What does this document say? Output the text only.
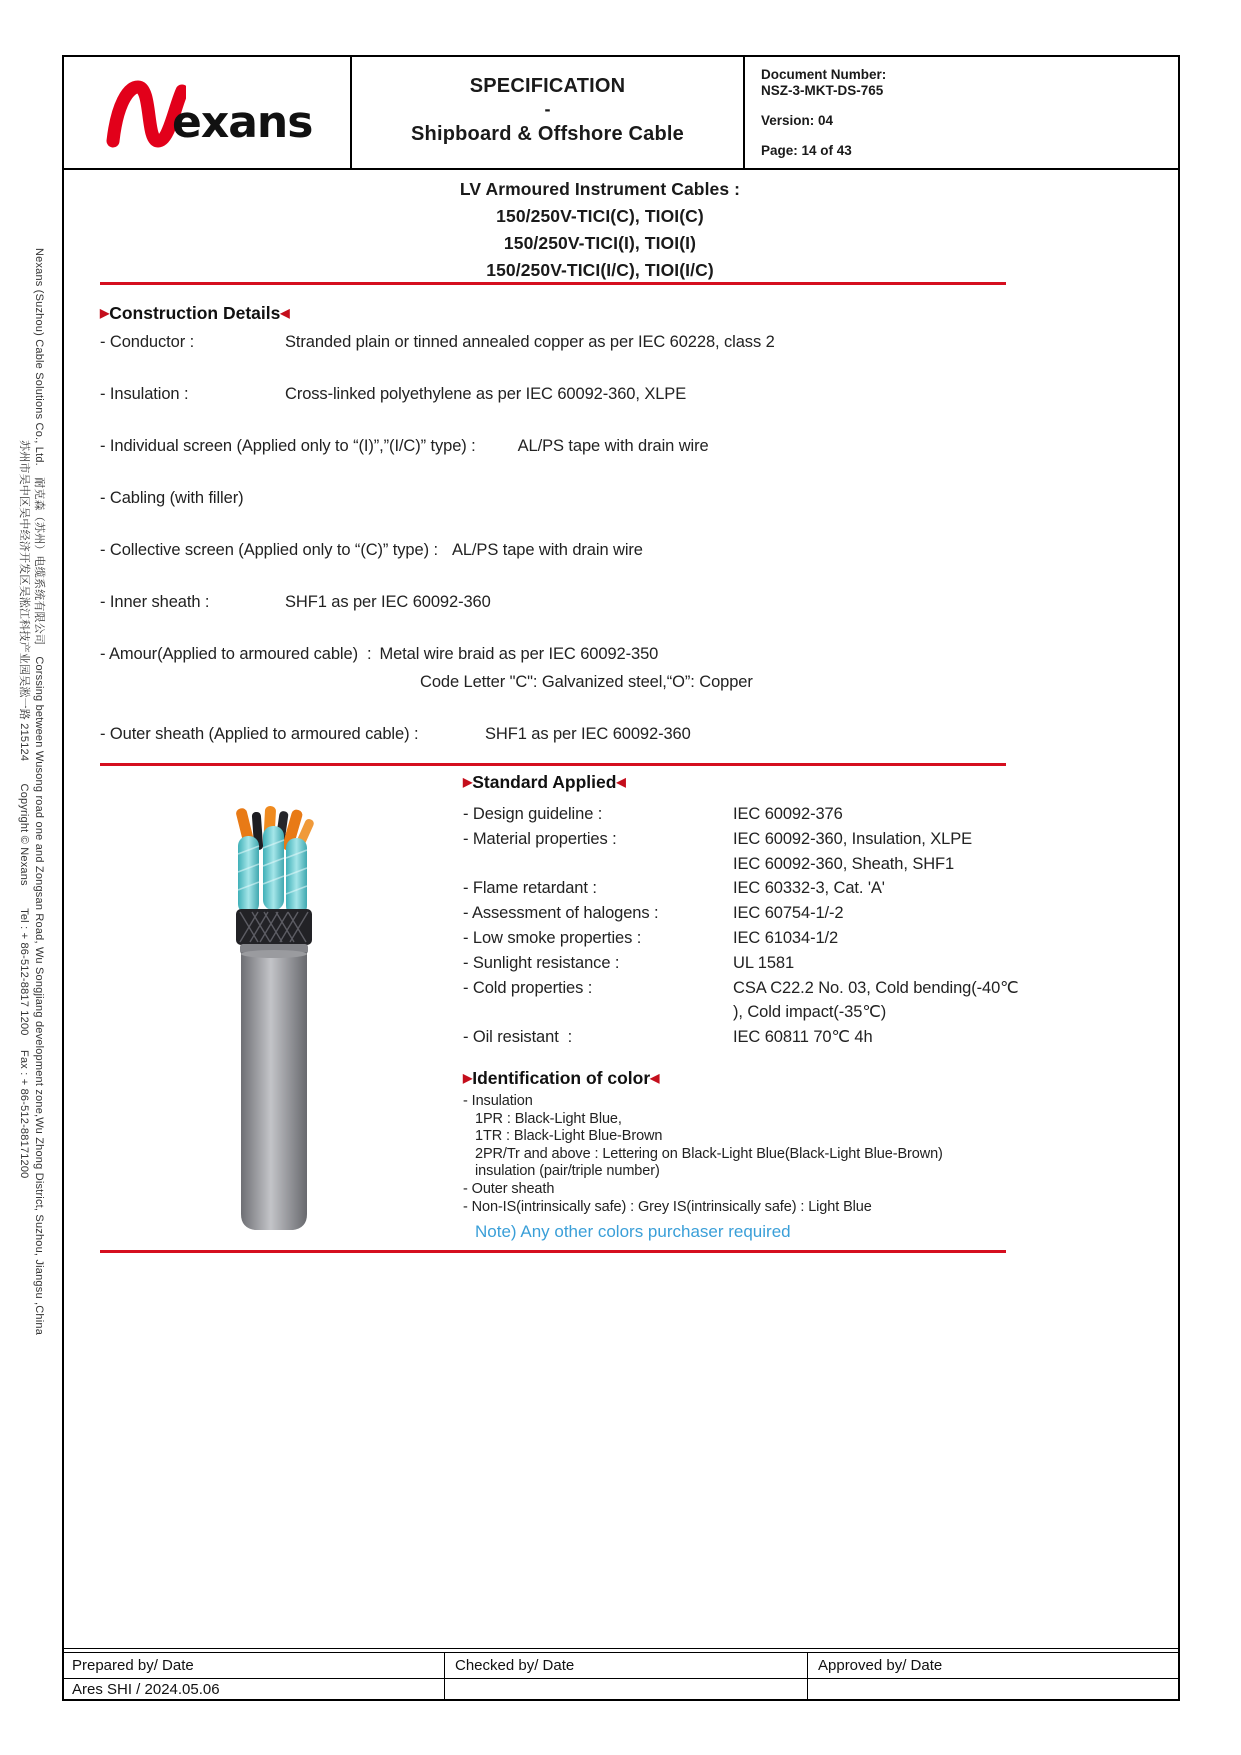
Nexans (Suzhou) Cable Solutions Co., Ltd.　耐克森（苏州）电缆系统有限公司　Corssing between Wusong road one and Zongsan Road, Wu Songjiang development zone,Wu Zhong District, Suzhou, Jiangsu ,China
苏州市吴中区吴中经济开发区吴淞江科技产业园吴淞一路 215124　　Copyright © Nexans　　Tel : + 86-512-8817 1200　 Fax : + 86-512-88171200
exans
SPECIFICATION
-
Shipboard & Offshore Cable
Document Number:
NSZ-3-MKT-DS-765
Version: 04
Page: 14 of 43
LV Armoured Instrument Cables :
150/250V-TICI(C), TIOI(C)
150/250V-TICI(I), TIOI(I)
150/250V-TICI(I/C), TIOI(I/C)
▶Construction Details◀
- Conductor :	Stranded plain or tinned annealed copper as per IEC 60228, class 2
- Insulation :	Cross-linked polyethylene as per IEC 60092-360, XLPE
- Individual screen (Applied only to “(I)”,”(I/C)” type) :	AL/PS tape with drain wire
- Cabling (with filler)
- Collective screen (Applied only to “(C)” type) : AL/PS tape with drain wire
- Inner sheath :	SHF1 as per IEC 60092-360
- Amour(Applied to armoured cable)  : Metal wire braid as per IEC 60092-350
Code Letter "C": Galvanized steel,“O”: Copper
- Outer sheath (Applied to armoured cable) :	SHF1 as per IEC 60092-360
▶Standard Applied◀
- Design guideline :	IEC 60092-376
- Material properties :	IEC 60092-360, Insulation, XLPE
IEC 60092-360, Sheath, SHF1
- Flame retardant :	IEC 60332-3, Cat. 'A'
- Assessment of halogens :	IEC 60754-1/-2
- Low smoke properties :	IEC 61034-1/2
- Sunlight resistance :	UL 1581
- Cold properties :	CSA C22.2 No. 03, Cold bending(-40℃
), Cold impact(-35℃)
- Oil resistant  :	IEC 60811 70℃ 4h
▶Identification of color◀
- Insulation
1PR : Black-Light Blue,
1TR : Black-Light Blue-Brown
2PR/Tr and above : Lettering on Black-Light Blue(Black-Light Blue-Brown)
insulation (pair/triple number)
- Outer sheath
- Non-IS(intrinsically safe) : Grey IS(intrinsically safe) : Light Blue
Note) Any other colors purchaser required
Prepared by/ Date	Checked by/ Date	Approved by/ Date
Ares SHI / 2024.05.06
